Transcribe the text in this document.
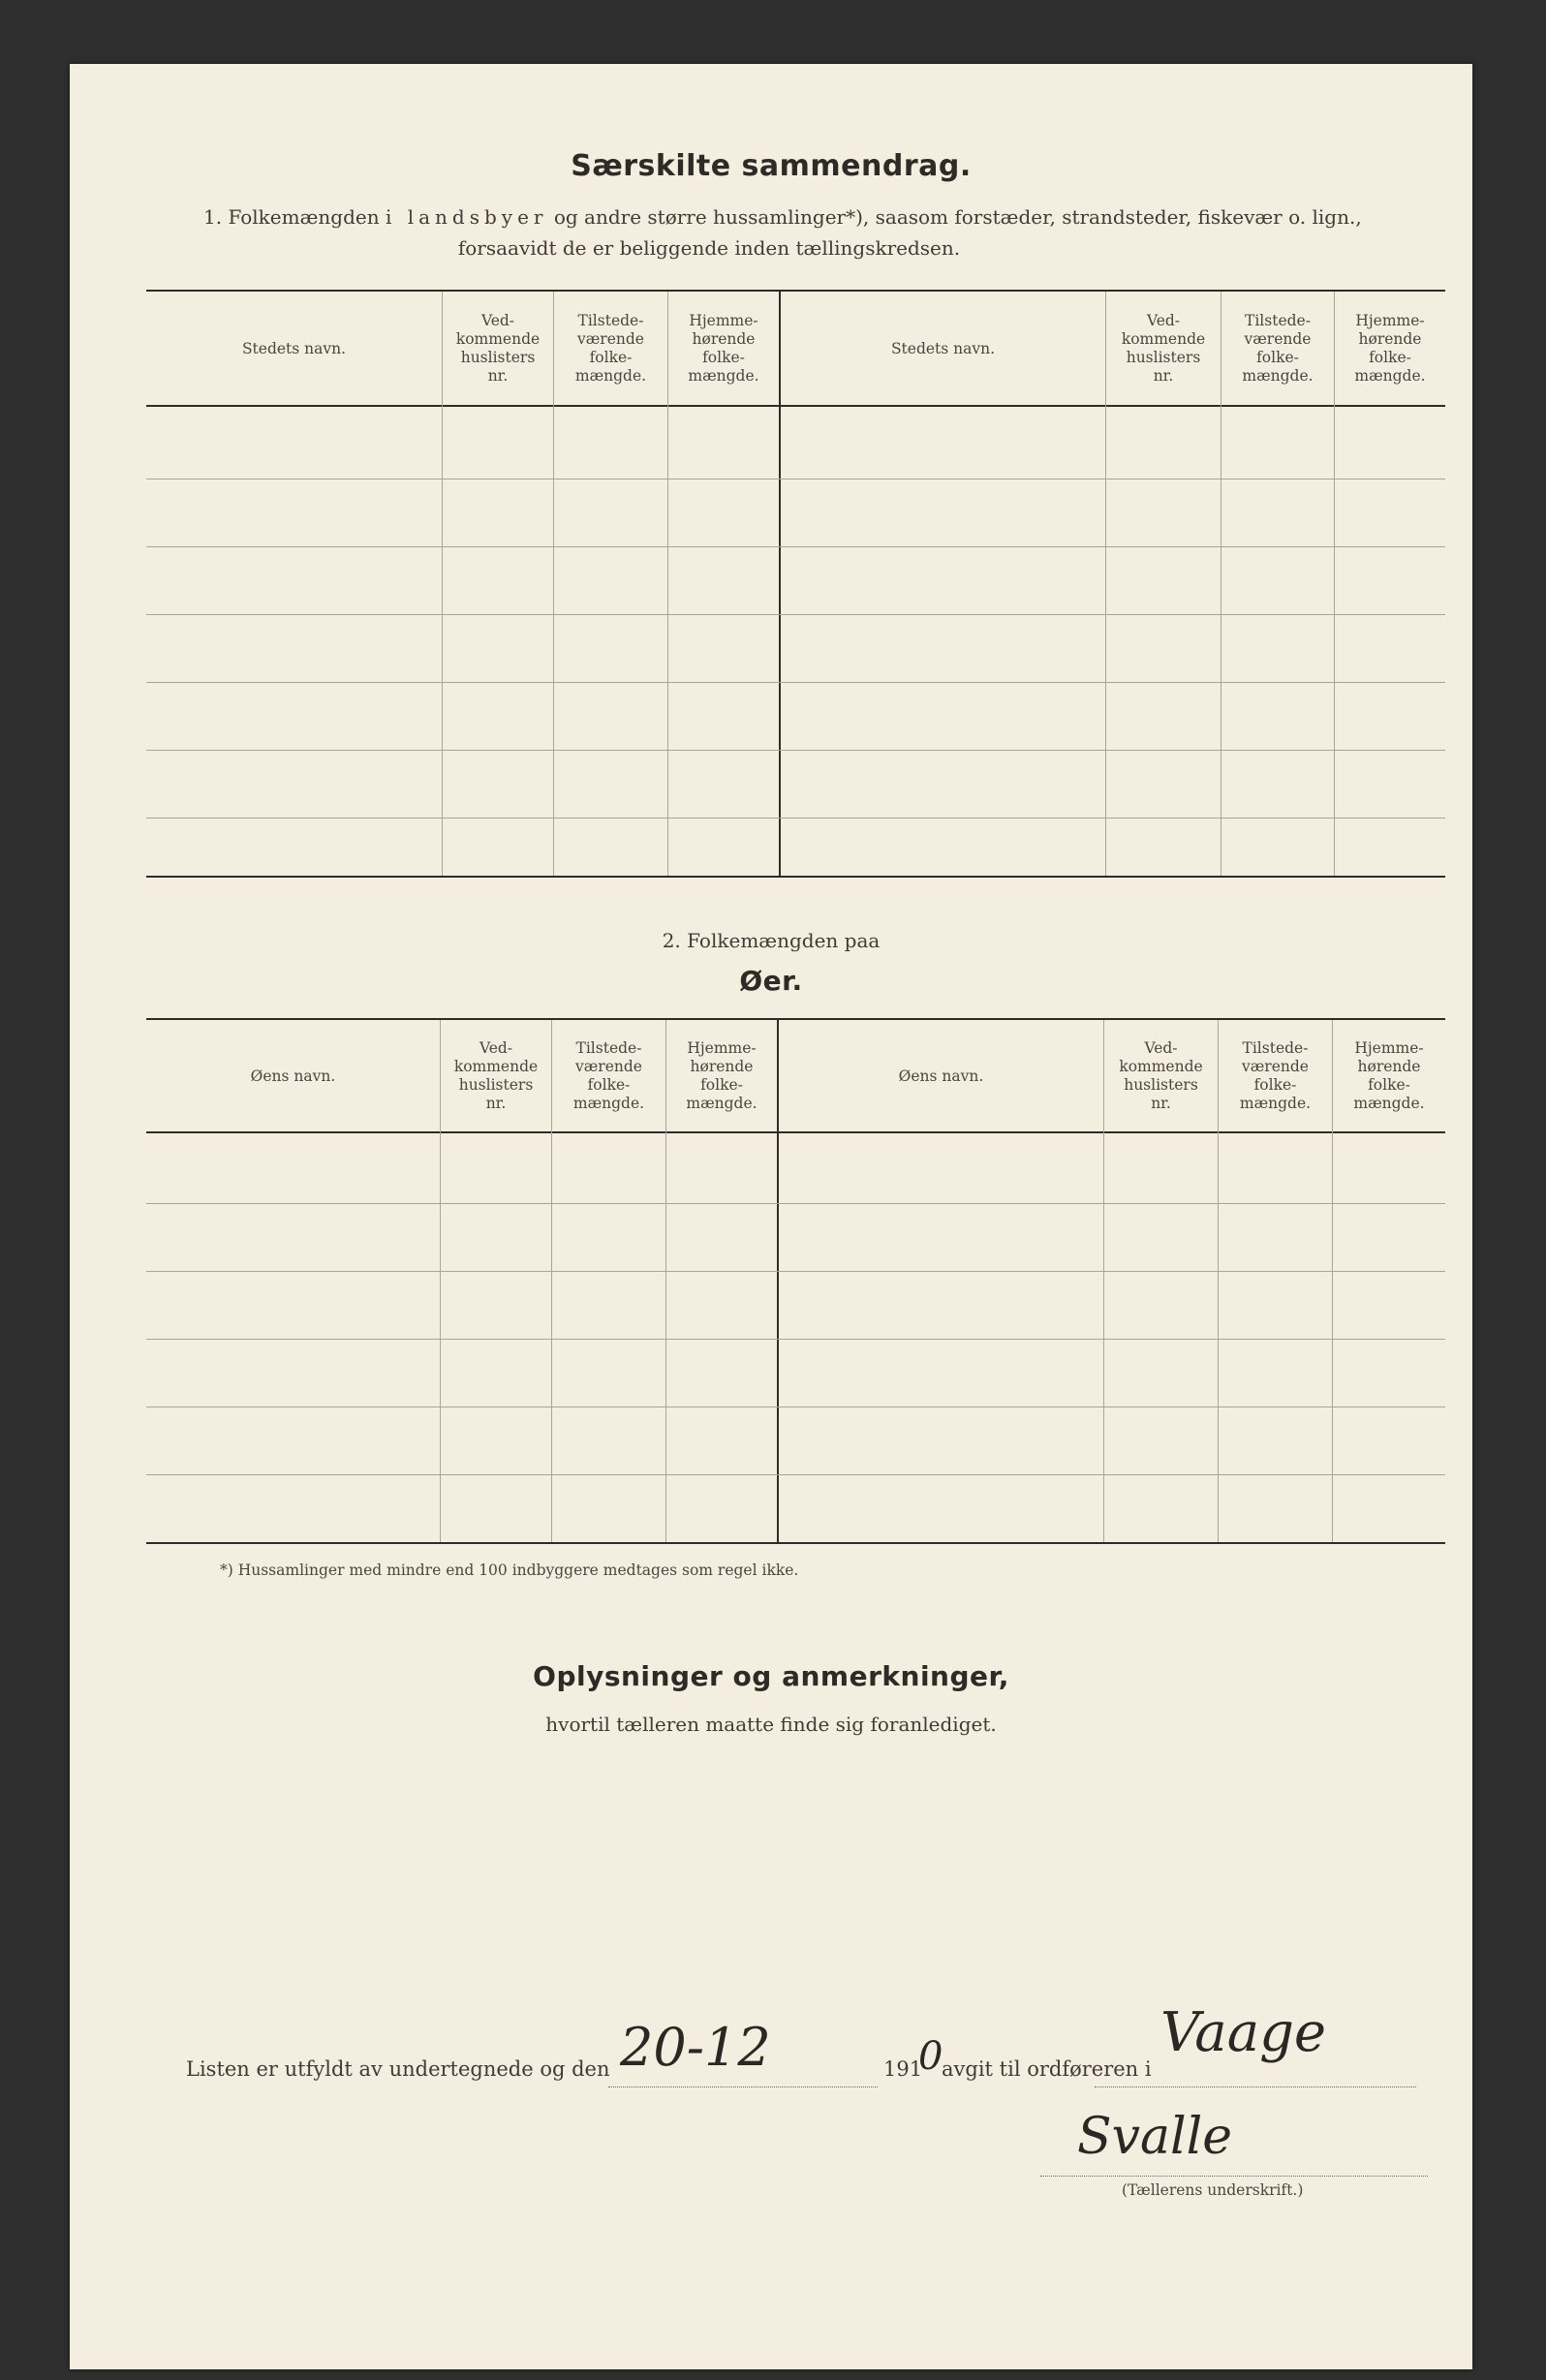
Særskilte sammendrag.
1. Folkemængden i landsbyer og andre større hussamlinger*), saasom forstæder, strandsteder, fiskevær o. lign.,
forsaavidt de er beliggende inden tællingskredsen.
Stedets navn.
Ved-
kommende
huslisters
nr.
Tilstede-
værende
folke-
mængde.
Hjemme-
hørende
folke-
mængde.
Stedets navn.
Ved-
kommende
huslisters
nr.
Tilstede-
værende
folke-
mængde.
Hjemme-
hørende
folke-
mængde.
2. Folkemængden paa
Øer.
Øens navn.
Ved-
kommende
huslisters
nr.
Tilstede-
værende
folke-
mængde.
Hjemme-
hørende
folke-
mængde.
Øens navn.
Ved-
kommende
huslisters
nr.
Tilstede-
værende
folke-
mængde.
Hjemme-
hørende
folke-
mængde.
*) Hussamlinger med mindre end 100 indbyggere medtages som regel ikke.
Oplysninger og anmerkninger,
hvortil tælleren maatte finde sig foranlediget.
Listen er utfyldt av undertegnede og den 20-12	191
0
avgit til ordføreren i
Vaage
Svalle
(Tællerens underskrift.)
